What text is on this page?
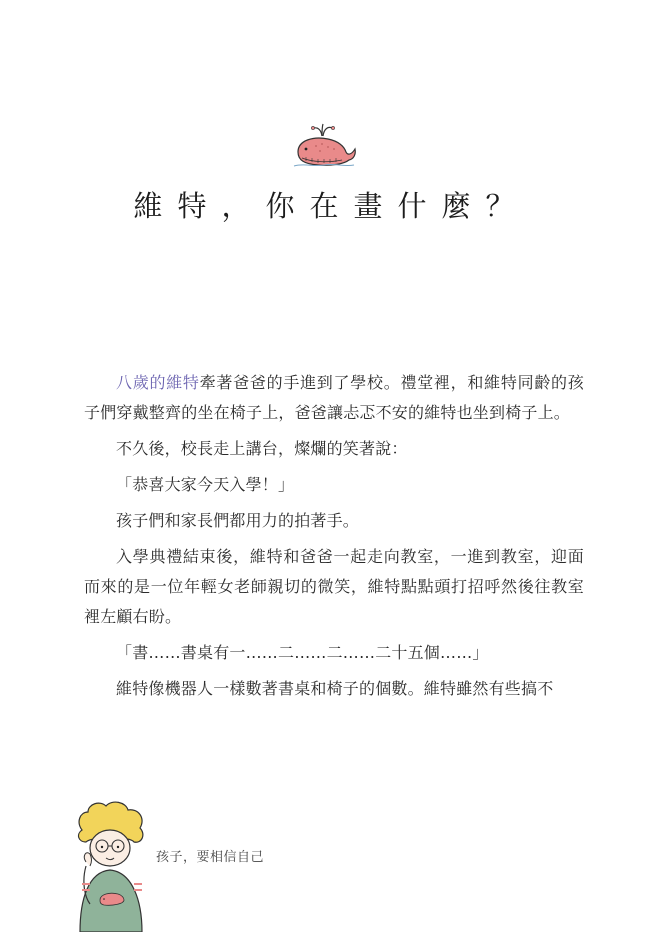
維特，你在畫什麼？

八歲的維特牽著爸爸的手進到了學校。禮堂裡，和維特同齡的孩子們穿戴整齊的坐在椅子上，爸爸讓忐忑不安的維特也坐到椅子上。

不久後，校長走上講台，燦爛的笑著說：

「恭喜大家今天入學！」

孩子們和家長們都用力的拍著手。

入學典禮結束後，維特和爸爸一起走向教室，一進到教室，迎面而來的是一位年輕女老師親切的微笑，維特點點頭打招呼然後往教室裡左顧右盼。

「書……書桌有一……二……二……二十五個……」

維特像機器人一樣數著書桌和椅子的個數。維特雖然有些搞不

孩子，要相信自己
